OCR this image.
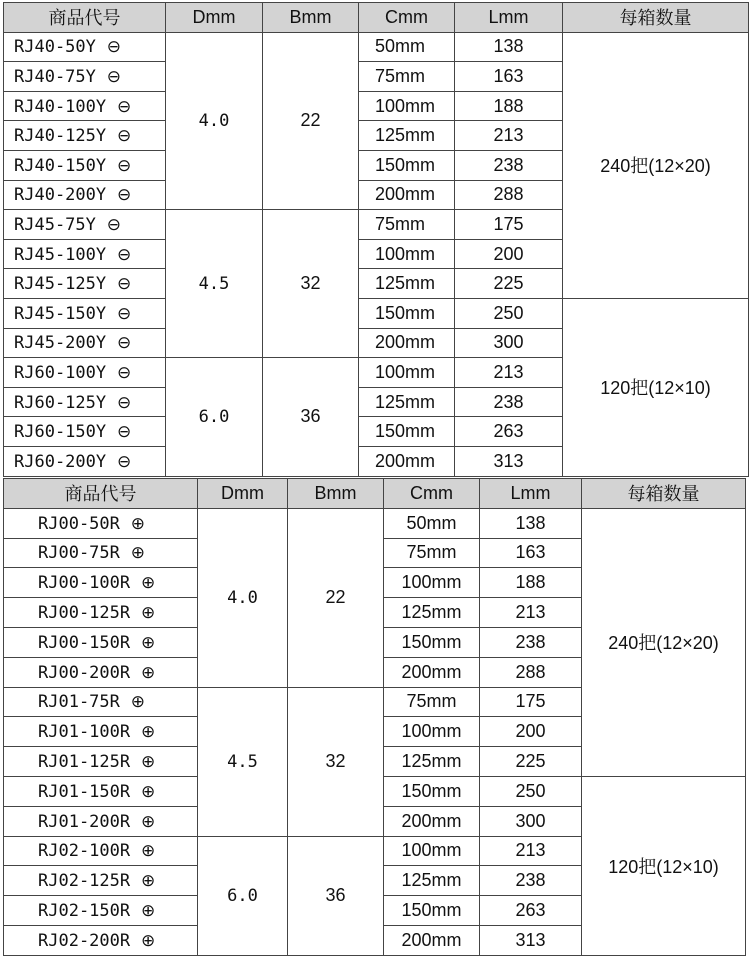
商品代号	Dmm	Bmm	Cmm	Lmm	每箱数量
RJ40-50Y ⊖	4.0	22	50mm	138	240把(12×20)
RJ40-75Y ⊖			75mm	163	
RJ40-100Y ⊖			100mm	188	
RJ40-125Y ⊖			125mm	213	
RJ40-150Y ⊖			150mm	238	
RJ40-200Y ⊖			200mm	288	
RJ45-75Y ⊖	4.5	32	75mm	175	
RJ45-100Y ⊖			100mm	200	
RJ45-125Y ⊖			125mm	225	
RJ45-150Y ⊖			150mm	250	120把(12×10)
RJ45-200Y ⊖			200mm	300	
RJ60-100Y ⊖	6.0	36	100mm	213	
RJ60-125Y ⊖			125mm	238	
RJ60-150Y ⊖			150mm	263	
RJ60-200Y ⊖			200mm	313	
商品代号	Dmm	Bmm	Cmm	Lmm	每箱数量
RJ00-50R ⊕	4.0	22	50mm	138	240把(12×20)
RJ00-75R ⊕			75mm	163	
RJ00-100R ⊕			100mm	188	
RJ00-125R ⊕			125mm	213	
RJ00-150R ⊕			150mm	238	
RJ00-200R ⊕			200mm	288	
RJ01-75R ⊕	4.5	32	75mm	175	
RJ01-100R ⊕			100mm	200	
RJ01-125R ⊕			125mm	225	
RJ01-150R ⊕			150mm	250	120把(12×10)
RJ01-200R ⊕			200mm	300	
RJ02-100R ⊕	6.0	36	100mm	213	
RJ02-125R ⊕			125mm	238	
RJ02-150R ⊕			150mm	263	
RJ02-200R ⊕			200mm	313	
